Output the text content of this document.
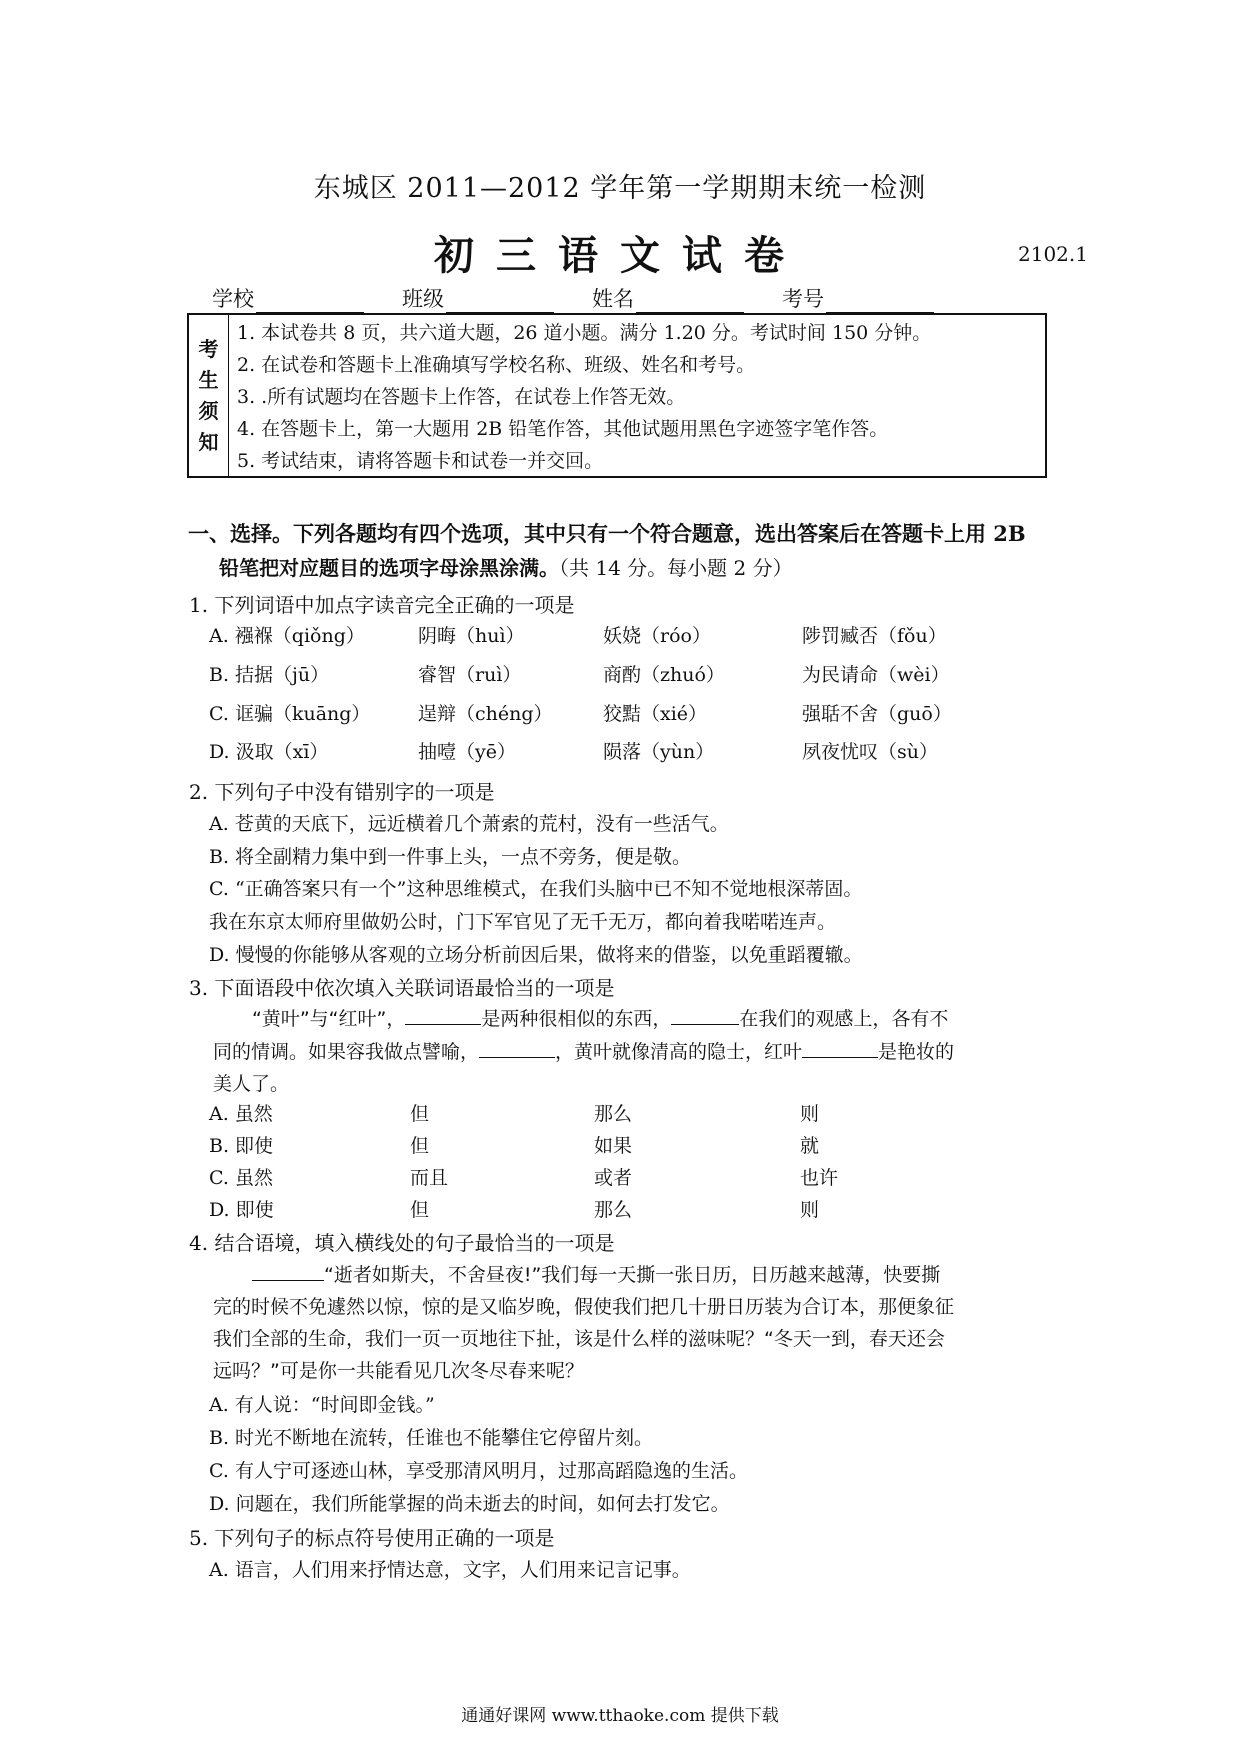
东城区 2011—2012 学年第一学期期末统一检测
初三语文试卷	2102.1
学校	班级	姓名	考号
考
生
须
知
1. 本试卷共 8 页，共六道大题，26 道小题。满分 1.20 分。考试时间 150 分钟。
2. 在试卷和答题卡上准确填写学校名称、班级、姓名和考号。
3. .所有试题均在答题卡上作答，在试卷上作答无效。
4. 在答题卡上，第一大题用 2B 铅笔作答，其他试题用黑色字迹签字笔作答。
5. 考试结束，请将答题卡和试卷一并交回。
一、选择。下列各题均有四个选项，其中只有一个符合题意，选出答案后在答题卡上用 2B
铅笔把对应题目的选项字母涂黑涂满。（共 14 分。每小题 2 分）
1. 下列词语中加点字读音完全正确的一项是
A. 襁褓（qiǒng）	阴晦（huì）	妖娆（róo）	陟罚臧否（fǒu）
B. 拮据（jū）	睿智（ruì）	商酌（zhuó）	为民请命（wèi）
C. 诓骗（kuāng）	逞辩（chéng）	狡黠（xié）	强聒不舍（guō）
D. 汲取（xī）	抽噎（yē）	陨落（yùn）	夙夜忧叹（sù）
2. 下列句子中没有错别字的一项是
A. 苍黄的天底下，远近横着几个萧索的荒村，没有一些活气。
B. 将全副精力集中到一件事上头，一点不旁务，便是敬。
C. “正确答案只有一个”这种思维模式，在我们头脑中已不知不觉地根深蒂固。
我在东京太师府里做奶公时，门下军官见了无千无万，都向着我喏喏连声。
D. 慢慢的你能够从客观的立场分析前因后果，做将来的借鉴，以免重蹈覆辙。
3. 下面语段中依次填入关联词语最恰当的一项是
“黄叶”与“红叶”，	是两种很相似的东西，	在我们的观感上，各有不
同的情调。如果容我做点譬喻，	，黄叶就像清高的隐士，红叶	是艳妆的
美人了。
A. 虽然	但	那么	则
B. 即使	但	如果	就
C. 虽然	而且	或者	也许
D. 即使	但	那么	则
4. 结合语境，填入横线处的句子最恰当的一项是
“逝者如斯夫，不舍昼夜!”我们每一天撕一张日历，日历越来越薄，快要撕
完的时候不免遽然以惊，惊的是又临岁晚，假使我们把几十册日历装为合订本，那便象征
我们全部的生命，我们一页一页地往下扯，该是什么样的滋味呢？“冬天一到，春天还会
远吗？”可是你一共能看见几次冬尽春来呢？
A. 有人说：“时间即金钱。”
B. 时光不断地在流转，任谁也不能攀住它停留片刻。
C. 有人宁可逐迹山林，享受那清风明月，过那高蹈隐逸的生活。
D. 问题在，我们所能掌握的尚未逝去的时间，如何去打发它。
5. 下列句子的标点符号使用正确的一项是
A. 语言，人们用来抒情达意，文字，人们用来记言记事。
通通好课网 www.tthaoke.com 提供下载
